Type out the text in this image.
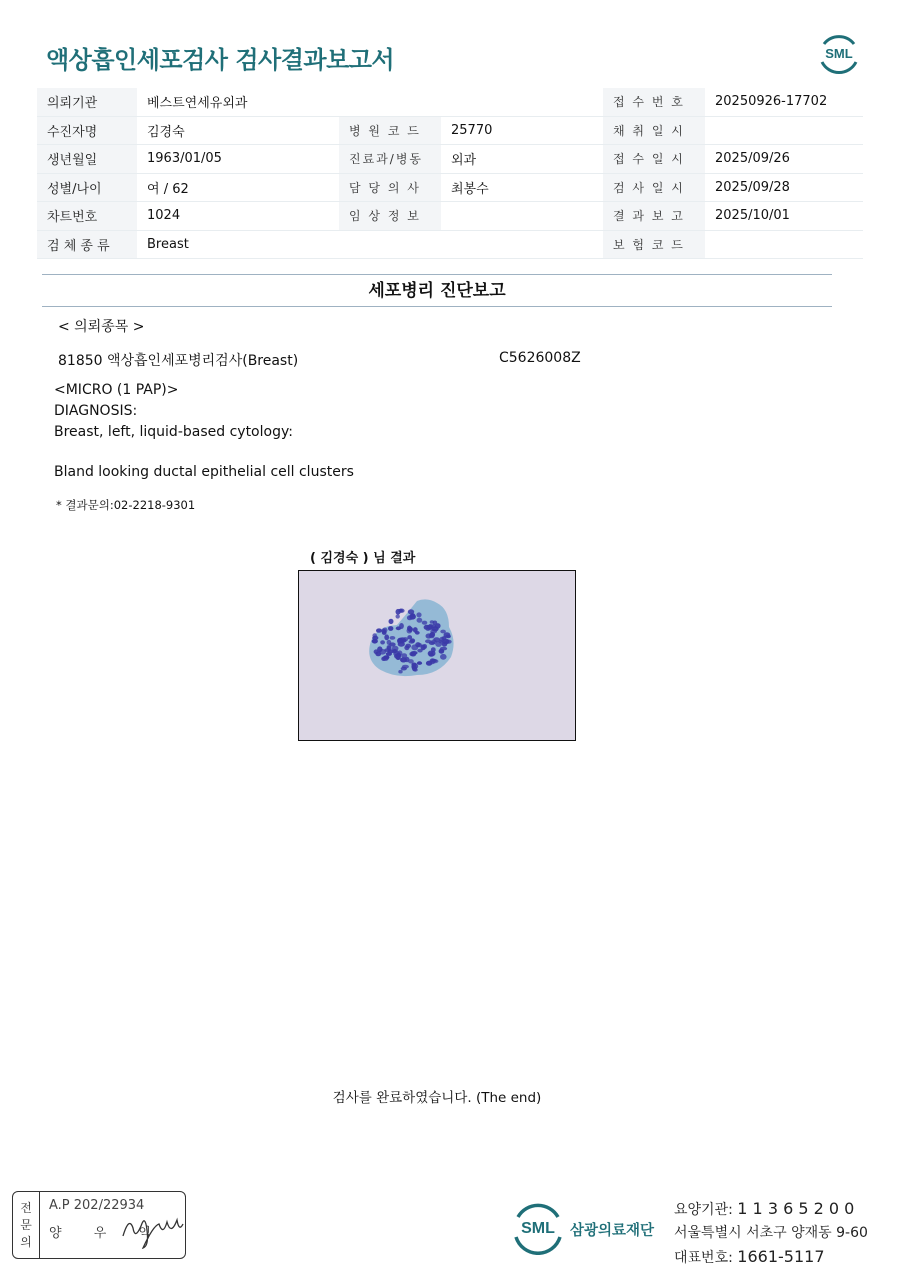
액상흡인세포검사 검사결과보고서	SML
의뢰기관	베스트연세유외과			접 수 번 호	20250926-17702
수진자명	김경숙	병 원 코 드	25770	채 취 일 시	
생년월일	1963/01/05	진료과/병동	외과	접 수 일 시	2025/09/26
성별/나이	여 / 62	담 당 의 사	최봉수	검 사 일 시	2025/09/28
차트번호	1024	임 상 정 보		결 과 보 고	2025/10/01
검 체 종 류	Breast			보 험 코 드	
세포병리 진단보고
< 의뢰종목 >
81850 액상흡인세포병리검사(Breast)	C5626008Z
<MICRO (1 PAP)>
DIAGNOSIS:
Breast, left, liquid-based cytology:
Bland looking ductal epithelial cell clusters
* 결과문의:02-2218-9301
( 김경숙 ) 님 결과
검사를 완료하였습니다. (The end)
전
문
의
A.P 202/22934
양 우 익	SML 삼광의료재단
요양기관: 1 1 3 6 5 2 0 0
서울특별시 서초구 양재동 9-60
대표번호: 1661-5117
